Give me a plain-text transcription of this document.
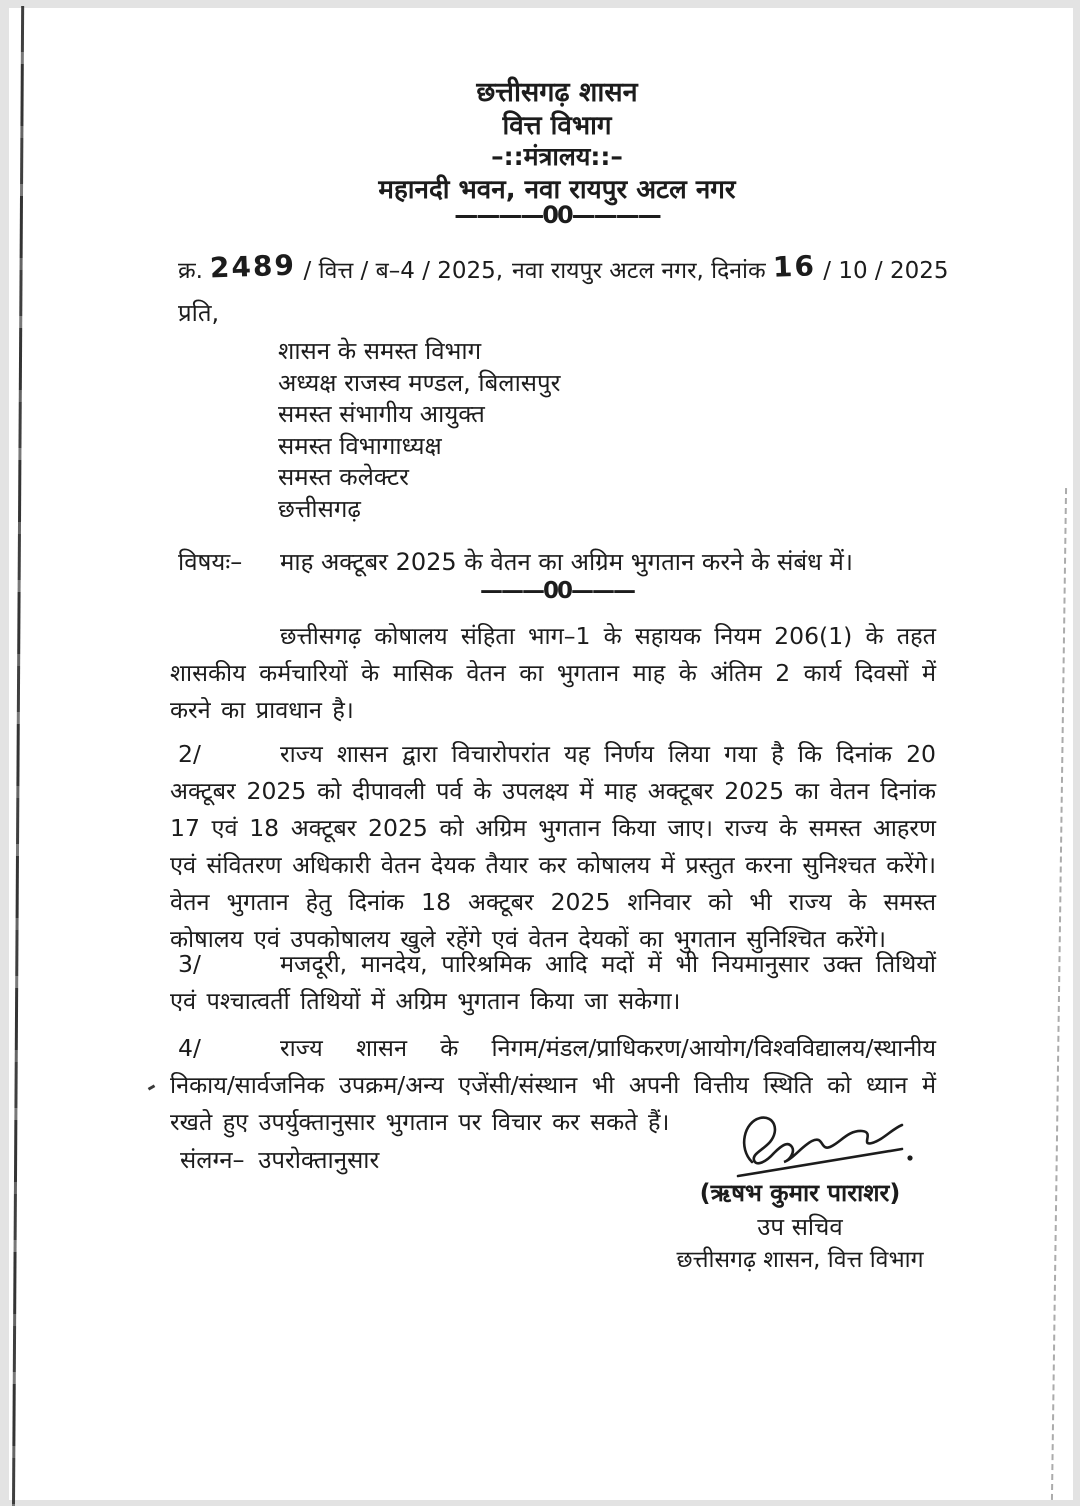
छत्तीसगढ़ शासन
वित्त विभाग
–::मंत्रालय::–
महानदी भवन, नवा रायपुर अटल नगर
————00————
क्र. 2489 / वित्त / ब–4 / 2025, नवा रायपुर अटल नगर, दिनांक 16 / 10 / 2025
प्रति,
शासन के समस्त विभाग
अध्यक्ष राजस्व मण्डल, बिलासपुर
समस्त संभागीय आयुक्त
समस्त विभागाध्यक्ष
समस्त कलेक्टर
छत्तीसगढ़
विषयः– माह अक्टूबर 2025 के वेतन का अग्रिम भुगतान करने के संबंध में।
———00———
छत्तीसगढ़ कोषालय संहिता भाग–1 के सहायक नियम 206(1) के तहत शासकीय कर्मचारियों के मासिक वेतन का भुगतान माह के अंतिम 2 कार्य दिवसों में करने का प्रावधान है।
2/	राज्य शासन द्वारा विचारोपरांत यह निर्णय लिया गया है कि दिनांक 20 अक्टूबर 2025 को दीपावली पर्व के उपलक्ष्य में माह अक्टूबर 2025 का वेतन दिनांक 17 एवं 18 अक्टूबर 2025 को अग्रिम भुगतान किया जाए। राज्य के समस्त आहरण एवं संवितरण अधिकारी वेतन देयक तैयार कर कोषालय में प्रस्तुत करना सुनिश्चत करेंगे। वेतन भुगतान हेतु दिनांक 18 अक्टूबर 2025 शनिवार को भी राज्य के समस्त कोषालय एवं उपकोषालय खुले रहेंगे एवं वेतन देयकों का भुगतान सुनिश्चित करेंगे।
3/	मजदूरी, मानदेय, पारिश्रमिक आदि मदों में भी नियमानुसार उक्त तिथियों एवं पश्चात्वर्ती तिथियों में अग्रिम भुगतान किया जा सकेगा।
4/	राज्य शासन के निगम/मंडल/प्राधिकरण/आयोग/विश्वविद्यालय/स्थानीय निकाय/सार्वजनिक उपक्रम/अन्य एजेंसी/संस्थान भी अपनी वित्तीय स्थिति को ध्यान में रखते हुए उपर्युक्तानुसार भुगतान पर विचार कर सकते हैं।
संलग्न– उपरोक्तानुसार
(ऋषभ कुमार पाराशर)
उप सचिव
छत्तीसगढ़ शासन, वित्त विभाग
